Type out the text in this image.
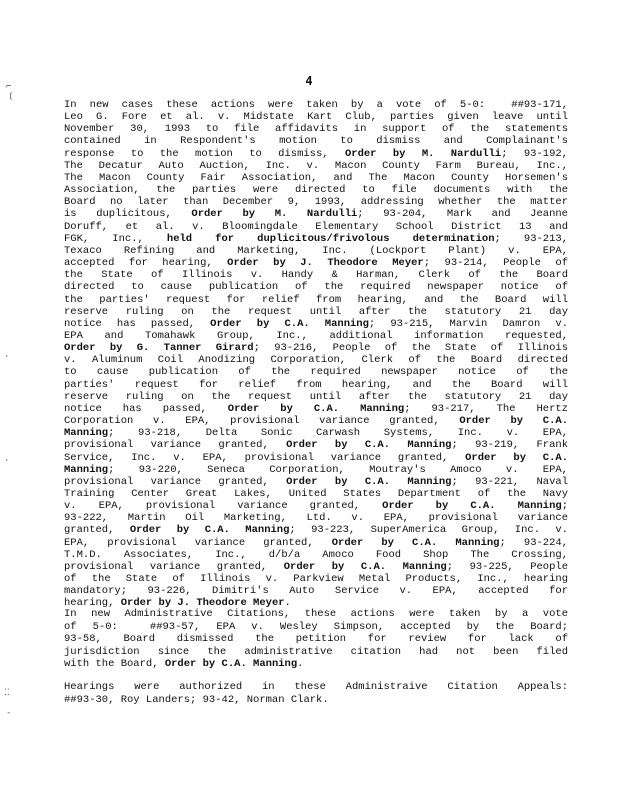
⌐
(
·
·
⁚⁚
-
4
In new cases these actions were taken by a vote of 5-0:  ##93-171,
Leo G. Fore et al. v. Midstate Kart Club, parties given leave until
November 30, 1993 to file affidavits in support of the statements
contained in Respondent's motion to dismiss and Complainant's
response to the motion to dismiss, Order by M. Nardulli; 93-192,
The Decatur Auto Auction, Inc. v. Macon County Farm Bureau, Inc.,
The Macon County Fair Association, and The Macon County Horsemen's
Association, the parties were directed to file documents with the
Board no later than December 9, 1993, addressing whether the matter
is duplicitous, Order by M. Nardulli; 93-204, Mark and Jeanne
Doruff, et al. v. Bloomingdale Elementary School District 13 and
FGK, Inc., held for duplicitous/frivolous determination; 93-213,
Texaco Refining and Marketing, Inc. (Lockport Plant) v. EPA,
accepted for hearing, Order by J. Theodore Meyer; 93-214, People of
the State of Illinois v. Handy & Harman, Clerk of the Board
directed to cause publication of the required newspaper notice of
the parties' request for relief from hearing, and the Board will
reserve ruling on the request until after the statutory 21 day
notice has passed, Order by C.A. Manning; 93-215, Marvin Damron v.
EPA and Tomahawk Group, Inc., additional information requested,
Order by G. Tanner Girard; 93-216, People of the State of Illinois
v. Aluminum Coil Anodizing Corporation, Clerk of the Board directed
to cause publication of the required newspaper notice of the
parties' request for relief from hearing, and the Board will
reserve ruling on the request until after the statutory 21 day
notice has passed, Order by C.A. Manning; 93-217, The Hertz
Corporation v. EPA, provisional variance granted, Order by C.A.
Manning; 93-218, Delta Sonic Carwash Systems, Inc. v. EPA,
provisional variance granted, Order by C.A. Manning; 93-219, Frank
Service, Inc. v. EPA, provisional variance granted, Order by C.A.
Manning; 93-220, Seneca Corporation, Moutray's Amoco v. EPA,
provisional variance granted, Order by C.A. Manning; 93-221, Naval
Training Center Great Lakes, United States Department of the Navy
v. EPA, provisional variance granted, Order by C.A. Manning;
93-222, Martin Oil Marketing, Ltd. v. EPA, provisional variance
granted, Order by C.A. Manning; 93-223, SuperAmerica Group, Inc. v.
EPA, provisional variance granted, Order by C.A. Manning; 93-224,
T.M.D. Associates, Inc., d/b/a Amoco Food Shop The Crossing,
provisional variance granted, Order by C.A. Manning; 93-225, People
of the State of Illinois v. Parkview Metal Products, Inc., hearing
mandatory; 93-226, Dimitri's Auto Service v. EPA, accepted for
hearing, Order by J. Theodore Meyer.
In new Administrative Citations, these actions were taken by a vote
of 5-0:  ##93-57, EPA v. Wesley Simpson, accepted by the Board;
93-58, Board dismissed the petition for review for lack of
jurisdiction since the administrative citation had not been filed
with the Board, Order by C.A. Manning.
Hearings were authorized in these Administraive Citation Appeals:
##93-30, Roy Landers; 93-42, Norman Clark.
